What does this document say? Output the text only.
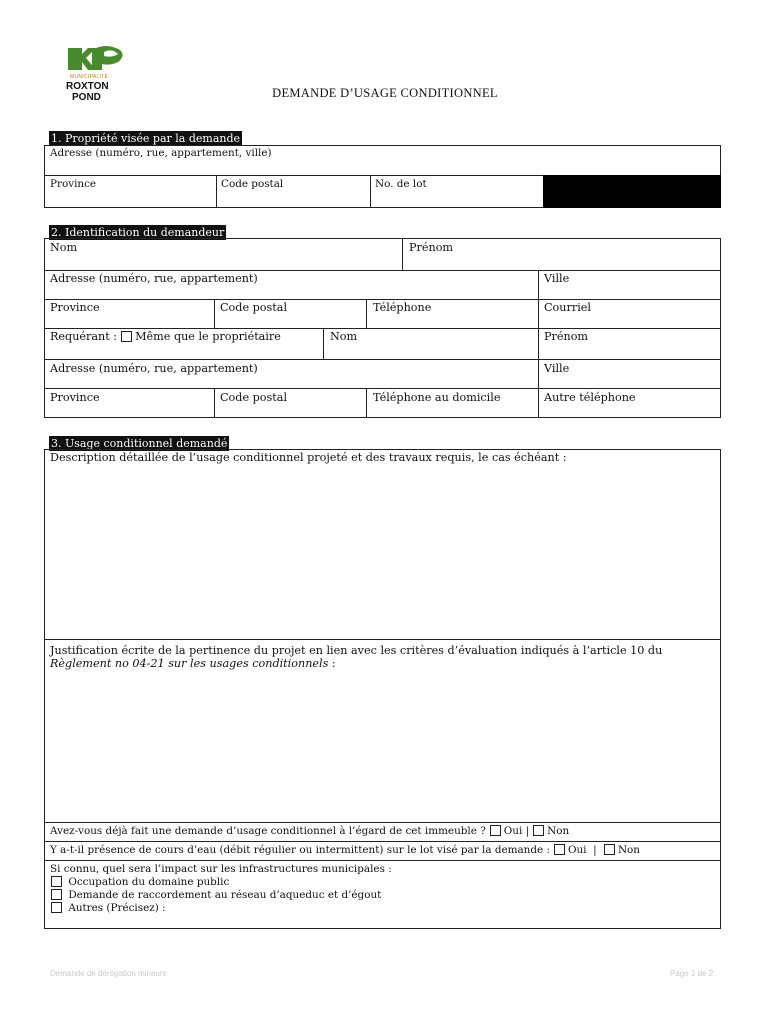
MUNICIPALITÉ
ROXTON
POND	DEMANDE D’USAGE CONDITIONNEL
1. Propriété visée par la demande
Adresse (numéro, rue, appartement, ville)
Province	Code postal	No. de lot
2. Identification du demandeur
Nom	Prénom
Adresse (numéro, rue, appartement)	Ville
Province	Code postal	Téléphone	Courriel
Requérant : Même que le propriétaire	Nom	Prénom
Adresse (numéro, rue, appartement)	Ville
Province	Code postal	Téléphone au domicile	Autre téléphone
3. Usage conditionnel demandé
Description détaillée de l’usage conditionnel projeté et des travaux requis, le cas échéant :
Justification écrite de la pertinence du projet en lien avec les critères d’évaluation indiqués à l’article 10 du
Règlement no 04-21 sur les usages conditionnels :
Avez-vous déjà fait une demande d’usage conditionnel à l’égard de cet immeuble ? Oui | Non
Y a-t-il présence de cours d’eau (débit régulier ou intermittent) sur le lot visé par la demande : Oui | Non
Si connu, quel sera l’impact sur les infrastructures municipales :
Occupation du domaine public
Demande de raccordement au réseau d’aqueduc et d’égout
Autres (Précisez) :
Demande de dérogation mineure	Page 1 de 2
